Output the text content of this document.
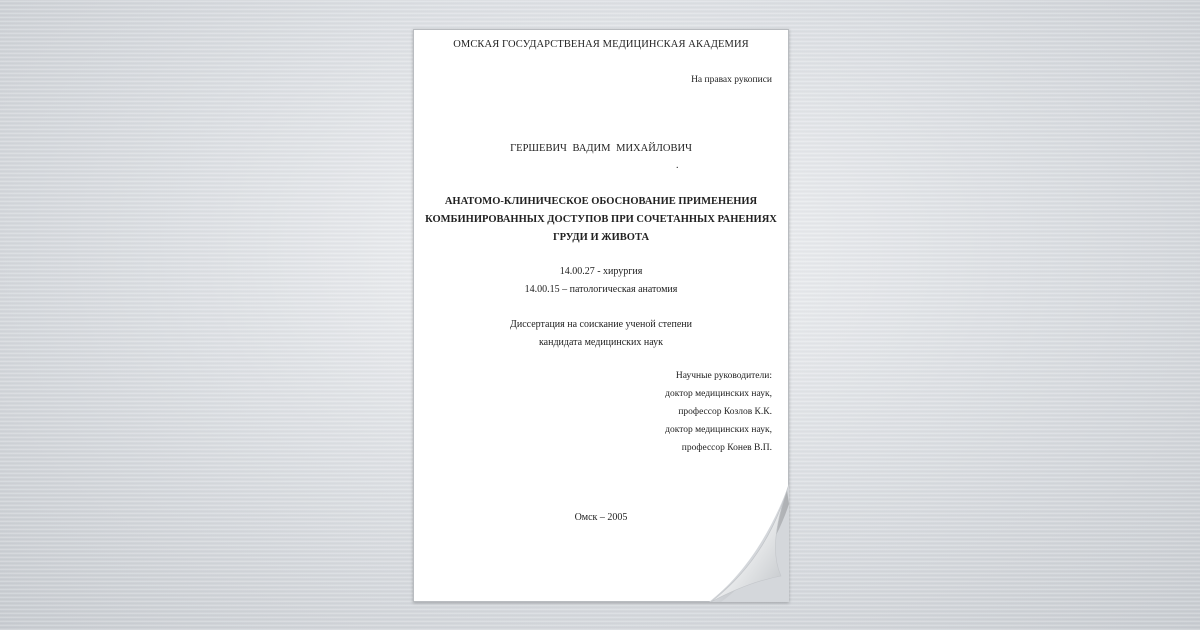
ОМСКАЯ ГОСУДАРСТВЕНАЯ МЕДИЦИНСКАЯ АКАДЕМИЯ
На правах рукописи
ГЕРШЕВИЧ ВАДИМ МИХАЙЛОВИЧ
.
АНАТОМО-КЛИНИЧЕСКОЕ ОБОСНОВАНИЕ ПРИМЕНЕНИЯ
КОМБИНИРОВАННЫХ ДОСТУПОВ ПРИ СОЧЕТАННЫХ РАНЕНИЯХ
ГРУДИ И ЖИВОТА
14.00.27 - хирургия
14.00.15 – патологическая анатомия
Диссертация на соискание ученой степени
кандидата медицинских наук
Научные руководители:
доктор медицинских наук,
профессор Козлов К.К.
доктор медицинских наук,
профессор Конев В.П.
Омск – 2005
